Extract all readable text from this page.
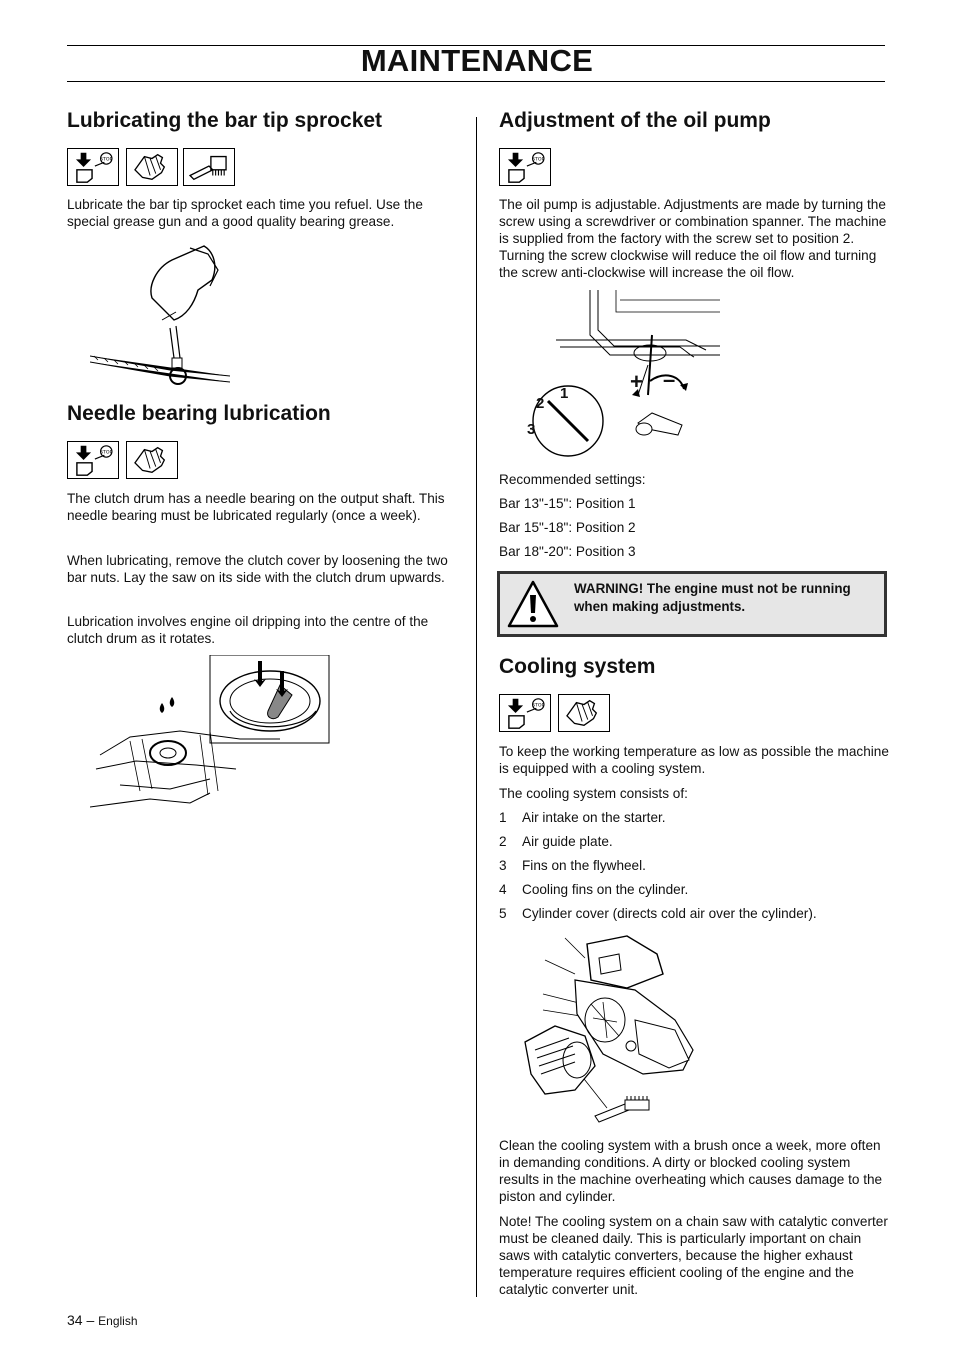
MAINTENANCE
Lubricating the bar tip sprocket
STOP

Lubricate the bar tip sprocket each time you refuel. Use the special grease gun and a good quality bearing grease.

Needle bearing lubrication
STOP

The clutch drum has a needle bearing on the output shaft. This needle bearing must be lubricated regularly (once a week).

When lubricating, remove the clutch cover by loosening the two bar nuts. Lay the saw on its side with the clutch drum upwards.

Lubrication involves engine oil dripping into the centre of the clutch drum as it rotates.

Adjustment of the oil pump
STOP

The oil pump is adjustable. Adjustments are made by turning the screw using a screwdriver or combination spanner. The machine is supplied from the factory with the screw set to position 2. Turning the screw clockwise will reduce the oil flow and turning the screw anti-clockwise will increase the oil flow.

1
2
3
+ –

Recommended settings:

Bar 13"-15": Position 1

Bar 15"-18": Position 2

Bar 18"-20": Position 3

WARNING! The engine must not be running when making adjustments.
Cooling system
STOP

To keep the working temperature as low as possible the machine is equipped with a cooling system.

The cooling system consists of:

1 Air intake on the starter.
2 Air guide plate.
3 Fins on the flywheel.
4 Cooling fins on the cylinder.
5 Cylinder cover (directs cold air over the cylinder).

Clean the cooling system with a brush once a week, more often in demanding conditions. A dirty or blocked cooling system results in the machine overheating which causes damage to the piston and cylinder.

Note! The cooling system on a chain saw with catalytic converter must be cleaned daily. This is particularly important on chain saws with catalytic converters, because the higher exhaust temperature requires efficient cooling of the engine and the catalytic converter unit.

34 – English
